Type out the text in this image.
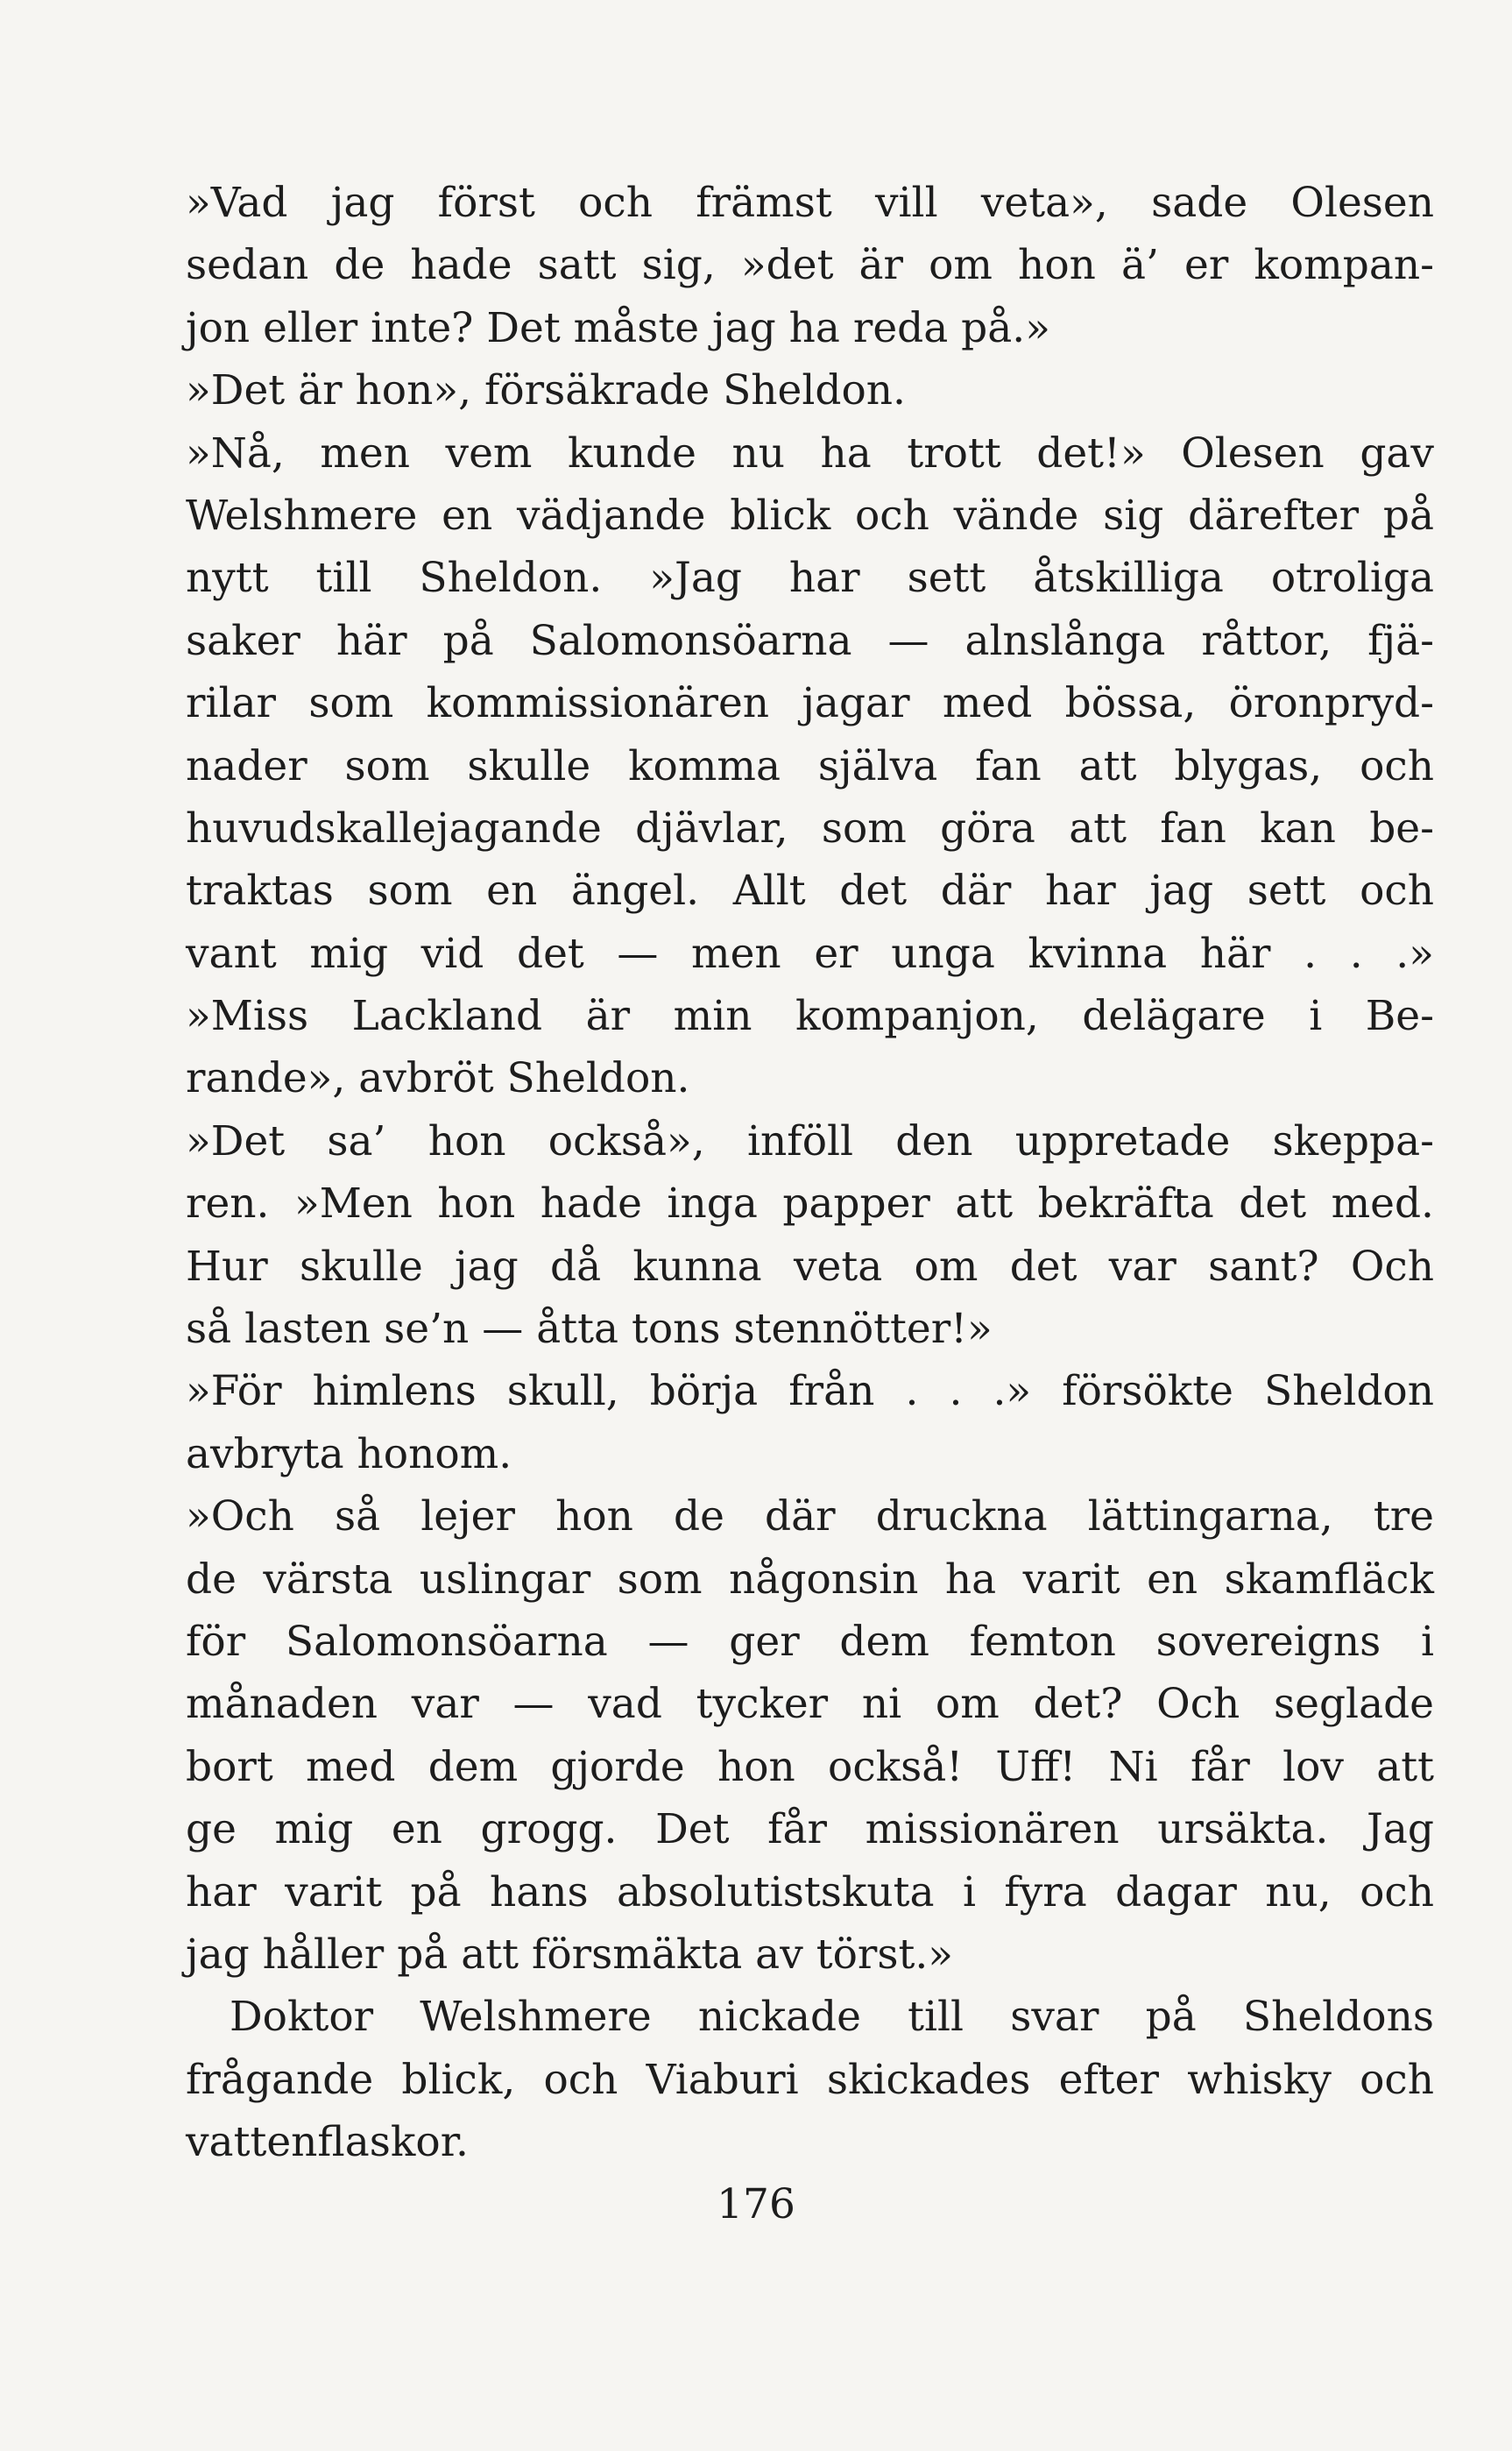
»Vad jag först och främst vill veta», sade Olesen
sedan de hade satt sig, »det är om hon ä’ er kompan-
jon eller inte? Det måste jag ha reda på.»
»Det är hon», försäkrade Sheldon.
»Nå, men vem kunde nu ha trott det!» Olesen gav
Welshmere en vädjande blick och vände sig därefter på
nytt till Sheldon. »Jag har sett åtskilliga otroliga
saker här på Salomonsöarna — alnslånga råttor, fjä-
rilar som kommissionären jagar med bössa, öronpryd-
nader som skulle komma själva fan att blygas, och
huvudskallejagande djävlar, som göra att fan kan be-
traktas som en ängel. Allt det där har jag sett och
vant mig vid det — men er unga kvinna här . . .»
»Miss Lackland är min kompanjon, delägare i Be-
rande», avbröt Sheldon.
»Det sa’ hon också», inföll den uppretade skeppa-
ren. »Men hon hade inga papper att bekräfta det med.
Hur skulle jag då kunna veta om det var sant? Och
så lasten se’n — åtta tons stennötter!»
»För himlens skull, börja från . . .» försökte Sheldon
avbryta honom.
»Och så lejer hon de där druckna lättingarna, tre
de värsta uslingar som någonsin ha varit en skamfläck
för Salomonsöarna — ger dem femton sovereigns i
månaden var — vad tycker ni om det? Och seglade
bort med dem gjorde hon också! Uff! Ni får lov att
ge mig en grogg. Det får missionären ursäkta. Jag
har varit på hans absolutistskuta i fyra dagar nu, och
jag håller på att försmäkta av törst.»
Doktor Welshmere nickade till svar på Sheldons
frågande blick, och Viaburi skickades efter whisky och
vattenflaskor.
176
